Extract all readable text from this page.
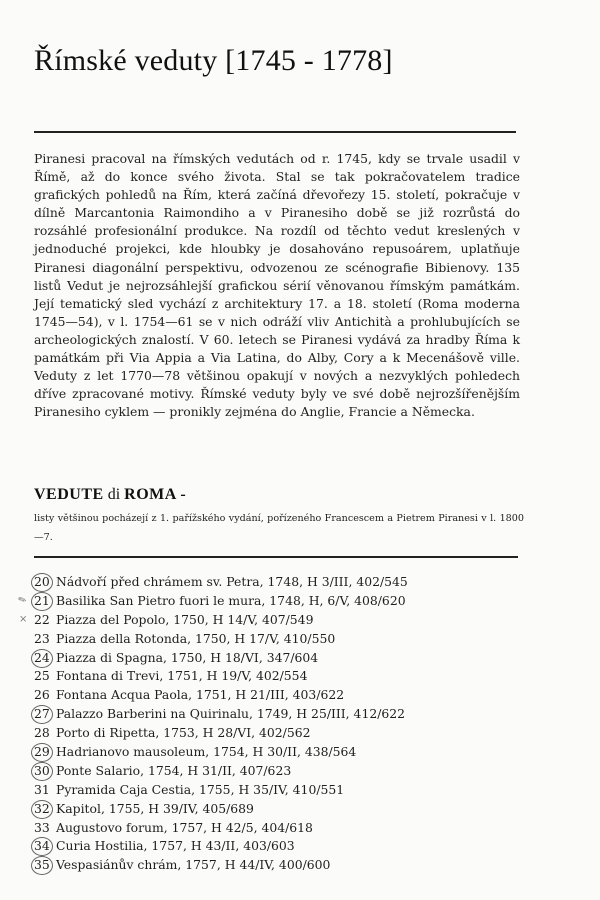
Římské veduty [1745 - 1778]

Piranesi pracoval na římských vedutách od r. 1745, kdy se trvale usadil v Římě, až do konce svého života. Stal se tak pokračovatelem tradice grafických pohledů na Řím, která začíná dřevořezy 15. století, pokračuje v dílně Marcantonia Raimondiho a v Piranesiho době se již rozrůstá do rozsáhlé profesionální produkce. Na rozdíl od těchto vedut kreslených v jednoduché projekci, kde hloubky je dosahováno repusoárem, uplatňuje Piranesi diagonální perspektivu, odvozenou ze scénografie Bibienovy. 135 listů Vedut je nejrozsáhlejší grafickou sérií věnovanou římským památkám. Její tematický sled vychází z architektury 17. a 18. století (Roma moderna 1745—54), v l. 1754—61 se v nich odráží vliv Antichità a prohlubujících se archeologických znalostí. V 60. letech se Piranesi vydává za hradby Říma k památkám při Via Appia a Via Latina, do Alby, Cory a k Mecenášově ville. Veduty z let 1770—78 většinou opakují v nových a nezvyklých pohledech dříve zpracované motivy. Římské veduty byly ve své době nejrozšířenějším Piranesiho cyklem — pronikly zejména do Anglie, Francie a Německa.

VEDUTE di ROMA -

listy většinou pocházejí z 1. pařížského vydání, pořízeného Francescem a Pietrem Piranesi v l. 1800—7.

20 Nádvoří před chrámem sv. Petra, 1748, H 3/III, 402/545
✎ 21 Basilika San Pietro fuori le mura, 1748, H, 6/V, 408/620
× 22 Piazza del Popolo, 1750, H 14/V, 407/549
23 Piazza della Rotonda, 1750, H 17/V, 410/550
24 Piazza di Spagna, 1750, H 18/VI, 347/604
25 Fontana di Trevi, 1751, H 19/V, 402/554
26 Fontana Acqua Paola, 1751, H 21/III, 403/622
27 Palazzo Barberini na Quirinalu, 1749, H 25/III, 412/622
28 Porto di Ripetta, 1753, H 28/VI, 402/562
29 Hadrianovo mausoleum, 1754, H 30/II, 438/564
30 Ponte Salario, 1754, H 31/II, 407/623
31 Pyramida Caja Cestia, 1755, H 35/IV, 410/551
32 Kapitol, 1755, H 39/IV, 405/689
33 Augustovo forum, 1757, H 42/5, 404/618
34 Curia Hostilia, 1757, H 43/II, 403/603
35 Vespasiánův chrám, 1757, H 44/IV, 400/600
